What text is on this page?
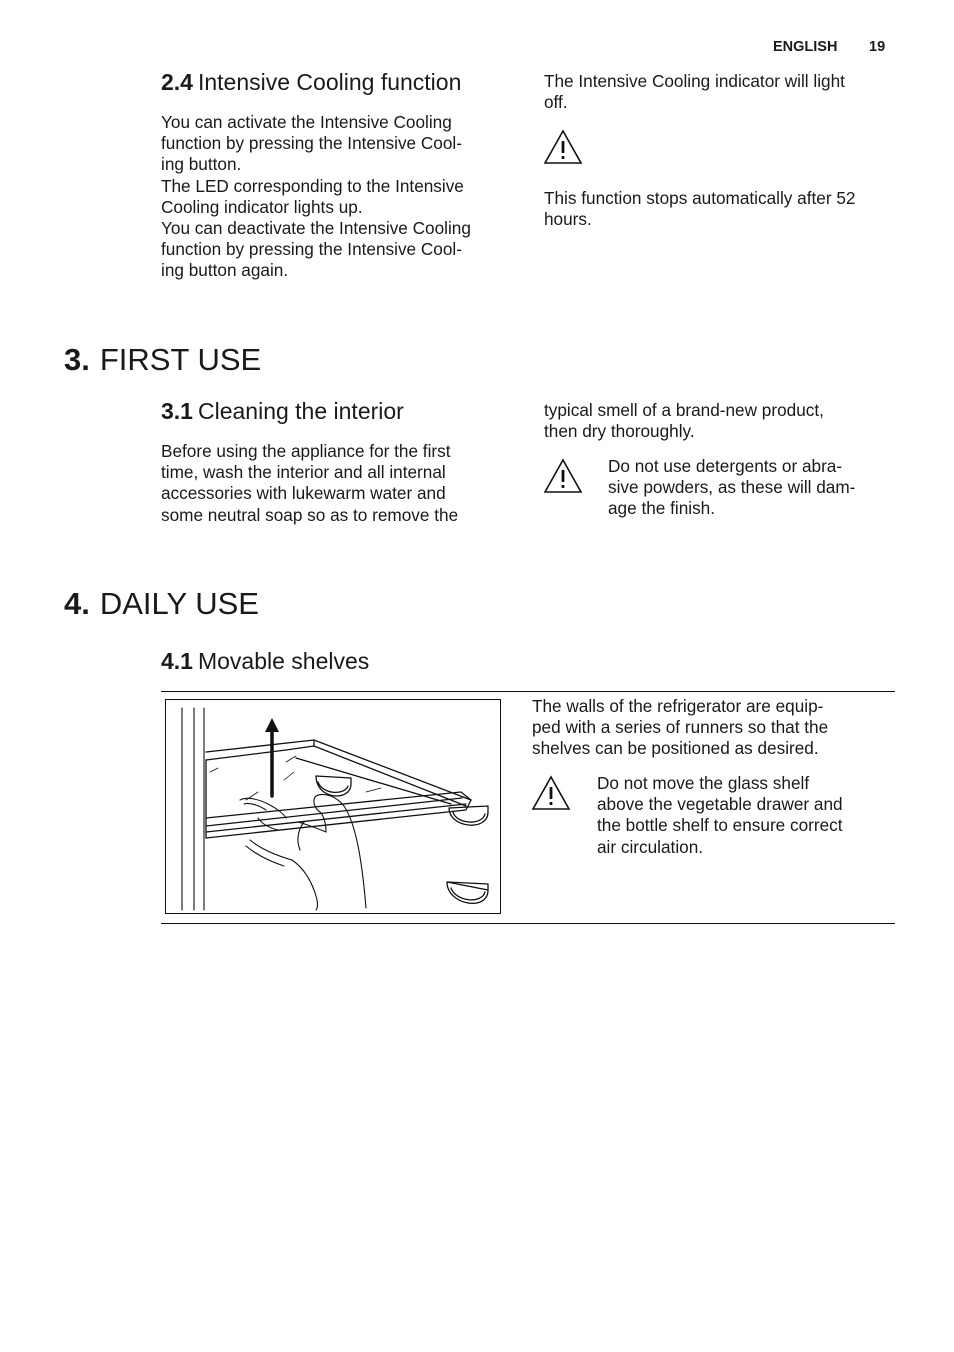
ENGLISH 19
2.4 Intensive Cooling function

You can activate the Intensive Cooling

function by pressing the Intensive Cool-

ing button.

The LED corresponding to the Intensive

Cooling indicator lights up.

You can deactivate the Intensive Cooling

function by pressing the Intensive Cool-

ing button again.

The Intensive Cooling indicator will light

off.

This function stops automatically after 52

hours.

3. FIRST USE
3.1 Cleaning the interior

Before using the appliance for the first

time, wash the interior and all internal

accessories with lukewarm water and

some neutral soap so as to remove the

typical smell of a brand-new product,

then dry thoroughly.

Do not use detergents or abra-

sive powders, as these will dam-

age the finish.

4. DAILY USE
4.1 Movable shelves

The walls of the refrigerator are equip-

ped with a series of runners so that the

shelves can be positioned as desired.

Do not move the glass shelf

above the vegetable drawer and

the bottle shelf to ensure correct

air circulation.
